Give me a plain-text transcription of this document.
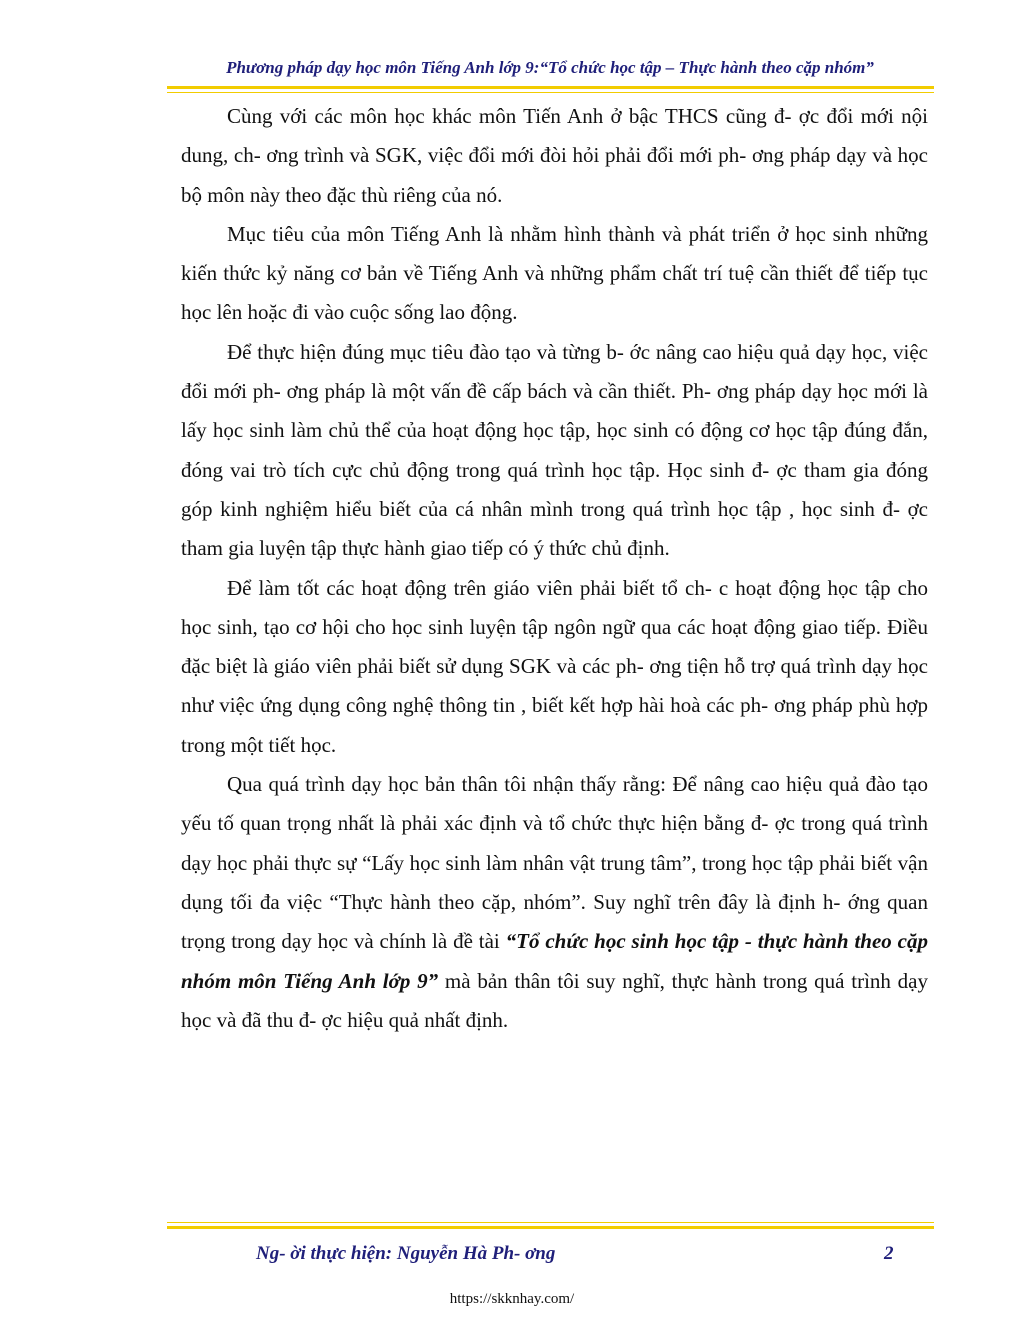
Phương pháp dạy học môn Tiếng Anh lớp 9:“Tổ chức học tập – Thực hành theo cặp nhóm”

Cùng với các môn học khác môn Tiến Anh ở bậc THCS cũng đ- ợc đổi mới nội dung, ch- ơng trình và SGK, việc đổi mới đòi hỏi phải đổi mới ph- ơng pháp dạy và học bộ môn này theo đặc thù riêng của nó.

Mục tiêu của môn Tiếng Anh là nhằm hình thành và phát triển ở học sinh những kiến thức kỷ năng cơ bản về Tiếng Anh và những phẩm chất trí tuệ cần thiết để tiếp tục học lên hoặc đi vào cuộc sống lao động.

Để thực hiện đúng mục tiêu đào tạo và từng b- ớc nâng cao hiệu quả dạy học, việc đổi mới ph- ơng pháp là một vấn đề cấp bách và cần thiết. Ph- ơng pháp dạy học mới là lấy học sinh làm chủ thể của hoạt động học tập, học sinh có động cơ học tập đúng đắn, đóng vai trò tích cực chủ động trong quá trình học tập. Học sinh đ- ợc tham gia đóng góp kinh nghiệm hiểu biết của cá nhân mình trong quá trình học tập , học sinh đ- ợc tham gia luyện tập thực hành giao tiếp có ý thức chủ định.

Để làm tốt các hoạt động trên giáo viên phải biết tổ ch- c hoạt động học tập cho học sinh, tạo cơ hội cho học sinh luyện tập ngôn ngữ qua các hoạt động giao tiếp. Điều đặc biệt là giáo viên phải biết sử dụng SGK và các ph- ơng tiện hỗ trợ quá trình dạy học như việc ứng dụng công nghệ thông tin , biết kết hợp hài hoà các ph- ơng pháp phù hợp trong một tiết học.

Qua quá trình dạy học bản thân tôi nhận thấy rằng: Để nâng cao hiệu quả đào tạo yếu tố quan trọng nhất là phải xác định và tổ chức thực hiện bằng đ- ợc trong quá trình dạy học phải thực sự “Lấy học sinh làm nhân vật trung tâm”, trong học tập phải biết vận dụng tối đa việc “Thực hành theo cặp, nhóm”. Suy nghĩ trên đây là định h- ớng quan trọng trong dạy học và chính là đề tài “Tổ chức học sinh học tập - thực hành theo cặp nhóm môn Tiếng Anh lớp 9” mà bản thân tôi suy nghĩ, thực hành trong quá trình dạy học và đã thu đ- ợc hiệu quả nhất định.

Ng- ời thực hiện: Nguyễn Hà Ph- ơng	2
https://skknhay.com/
